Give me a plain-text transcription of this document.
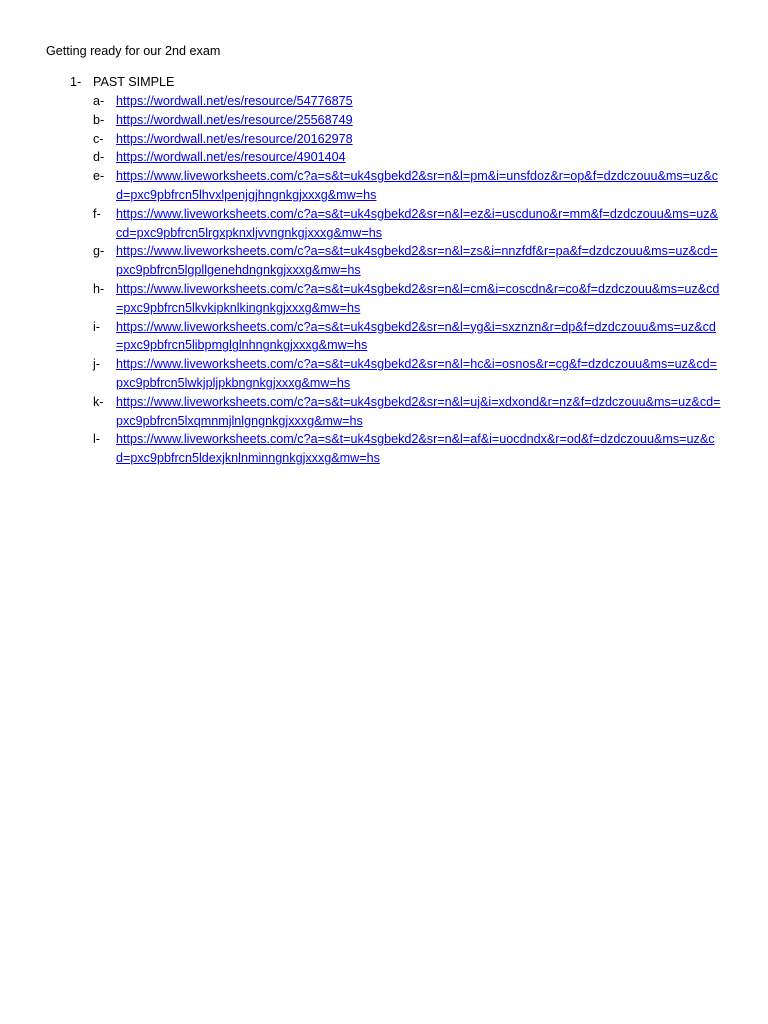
Getting ready for our 2nd exam
1- PAST SIMPLE
a- https://wordwall.net/es/resource/54776875
b- https://wordwall.net/es/resource/25568749
c- https://wordwall.net/es/resource/20162978
d- https://wordwall.net/es/resource/4901404
e- https://www.liveworksheets.com/c?a=s&t=uk4sgbekd2&sr=n&l=pm&i=unsfdoz&r=op&f=dzdczouu&ms=uz&cd=pxc9pbfrcn5lhvxlpenjgjhngnkgjxxxg&mw=hs
f-	https://www.liveworksheets.com/c?a=s&t=uk4sgbekd2&sr=n&l=ez&i=uscduno&r=mm&f=dzdczouu&ms=uz&cd=pxc9pbfrcn5lrgxpknxljvvngnkgjxxxg&mw=hs
g- https://www.liveworksheets.com/c?a=s&t=uk4sgbekd2&sr=n&l=zs&i=nnzfdf&r=pa&f=dzdczouu&ms=uz&cd=pxc9pbfrcn5lgpllgenehdngnkgjxxxg&mw=hs
h- https://www.liveworksheets.com/c?a=s&t=uk4sgbekd2&sr=n&l=cm&i=coscdn&r=co&f=dzdczouu&ms=uz&cd=pxc9pbfrcn5lkvkipknlkingnkgjxxxg&mw=hs
i-	https://www.liveworksheets.com/c?a=s&t=uk4sgbekd2&sr=n&l=yg&i=sxznzn&r=dp&f=dzdczouu&ms=uz&cd=pxc9pbfrcn5libpmglglnhngnkgjxxxg&mw=hs
j-	https://www.liveworksheets.com/c?a=s&t=uk4sgbekd2&sr=n&l=hc&i=osnos&r=cg&f=dzdczouu&ms=uz&cd=pxc9pbfrcn5lwkjpljpkbngnkgjxxxg&mw=hs
k- https://www.liveworksheets.com/c?a=s&t=uk4sgbekd2&sr=n&l=uj&i=xdxond&r=nz&f=dzdczouu&ms=uz&cd=pxc9pbfrcn5lxqmnmjlnlgngnkgjxxxg&mw=hs
l-	https://www.liveworksheets.com/c?a=s&t=uk4sgbekd2&sr=n&l=af&i=uocdndx&r=od&f=dzdczouu&ms=uz&cd=pxc9pbfrcn5ldexjknlnminngnkgjxxxg&mw=hs
